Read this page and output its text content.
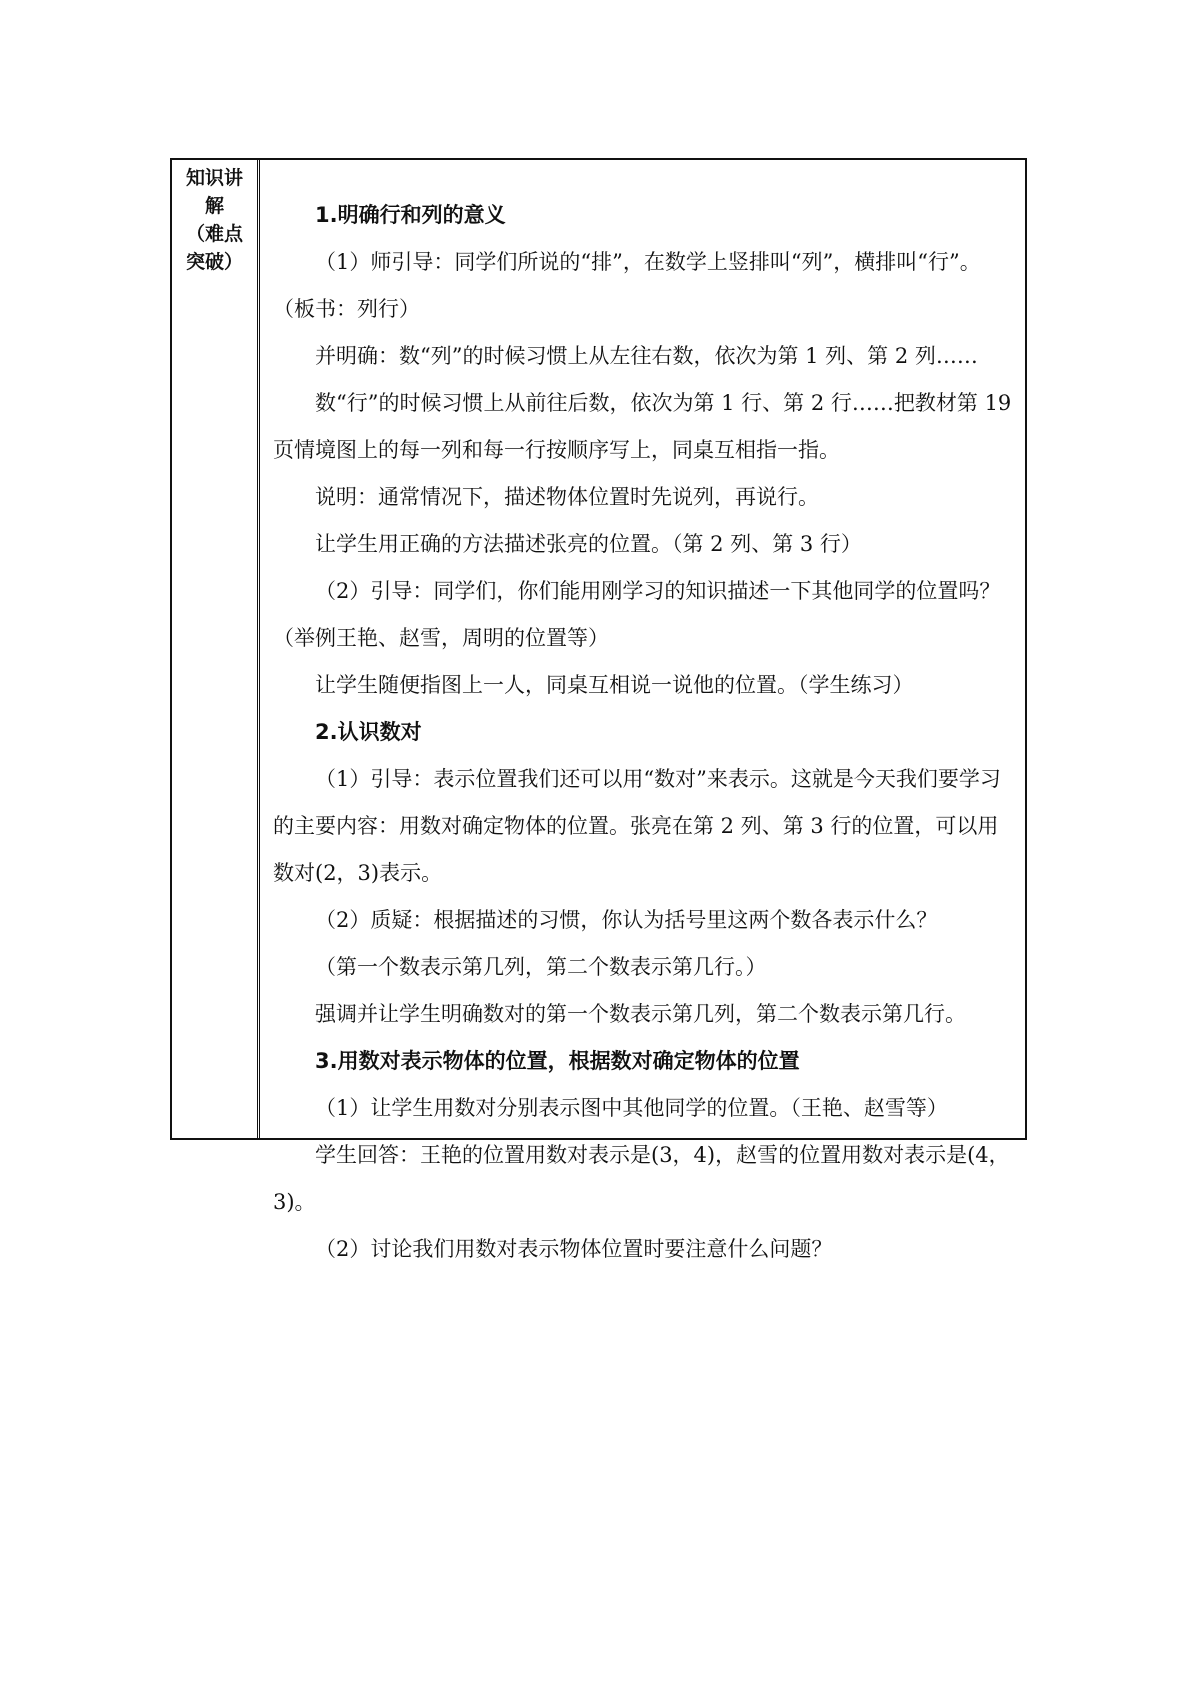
知识讲
解
（难点
突破）

1.明确行和列的意义

（1）师引导：同学们所说的“排”，在数学上竖排叫“列”，横排叫“行”。 （板书：列行）

并明确：数“列”的时候习惯上从左往右数，依次为第 1 列、第 2 列……

数“行”的时候习惯上从前往后数，依次为第 1 行、第 2 行……把教材第 19 页情境图上的每一列和每一行按顺序写上，同桌互相指一指。

说明：通常情况下，描述物体位置时先说列，再说行。

让学生用正确的方法描述张亮的位置。（第 2 列、第 3 行）

（2）引导：同学们，你们能用刚学习的知识描述一下其他同学的位置吗？（举例王艳、赵雪，周明的位置等）

让学生随便指图上一人，同桌互相说一说他的位置。（学生练习）

2.认识数对

（1）引导：表示位置我们还可以用“数对”来表示。这就是今天我们要学习的主要内容：用数对确定物体的位置。张亮在第 2 列、第 3 行的位置，可以用数对(2，3)表示。

（2）质疑：根据描述的习惯，你认为括号里这两个数各表示什么？

（第一个数表示第几列，第二个数表示第几行。）

强调并让学生明确数对的第一个数表示第几列，第二个数表示第几行。

3.用数对表示物体的位置，根据数对确定物体的位置

（1）让学生用数对分别表示图中其他同学的位置。（王艳、赵雪等）

学生回答：王艳的位置用数对表示是(3，4)，赵雪的位置用数对表示是(4，3)。

（2）讨论我们用数对表示物体位置时要注意什么问题？
